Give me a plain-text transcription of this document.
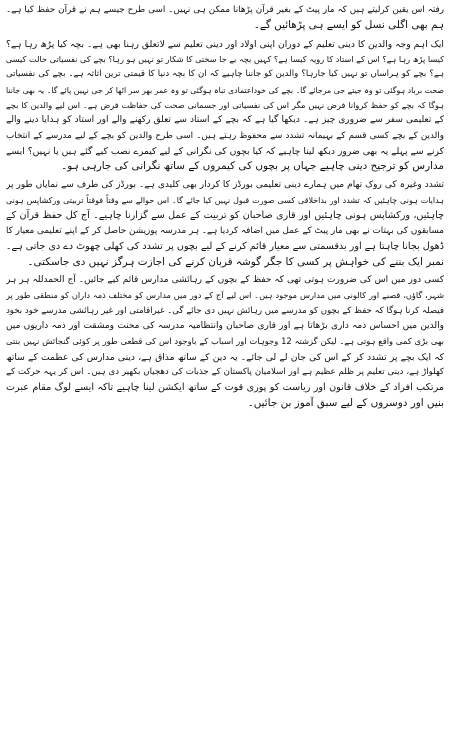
رفتہ اس یقین کرلیتے ہیں کہ مار پیٹ کے بغیر قرآن پڑھانا ممکن ہی نہیں۔ اسی طرح جیسے ہم نے قرآن حفظ کیا ہے۔
ہم بھی اگلی نسل کو ایسے ہی پڑھائیں گے۔
ایک اہم وجہ والدین کا دینی تعلیم کے دوران اپنی اولاد اور دینی تعلیم سے لاتعلق رہنا بھی ہے۔ بچہ کیا پڑھ رہا ہے؟
کیسا پڑھ رہا ہے؟ اس کے استاد کا رویہ کیسا ہے؟ کہیں بچہ بے جا سختی کا شکار تو نہیں ہو رہا؟ بچے کی نفسیاتی حالت کیسی
ہے؟ بچے کو ہراساں تو نہیں کیا جارہا؟ والدین کو جاننا چاہیے کہ ان کا بچہ دنیا کا قیمتی ترین اثاثہ ہے۔ بچے کی نفسیاتی
صحت برباد ہوگئی تو وہ جیتے جی مرجائے گا۔ بچے کی خوداعتمادی تباہ ہوگئی تو وہ عمر بھر سر اٹھا کر جی نہیں پائے گا۔ یہ بھی جاننا
ہوگا کہ بچے کو حفظ کروانا فرض نہیں مگر اس کی نفسیاتی اور جسمانی صحت کی حفاظت فرض ہے۔ اس لیے والدین کا بچے
کے تعلیمی سفر سے ضروری چیز ہے۔ دیکھا گیا ہے کہ بچے کے استاد سے تعلق رکھنے والے اور استاد کو ہدایا دینے والے
والدین کے بچے کسی قسم کے بہیمانہ تشدد سے محفوظ رہتے ہیں۔ اسی طرح والدین کو بچے کے لیے مدرسے کے انتخاب
کرنے سے پہلے یہ بھی ضرور دیکھ لینا چاہیے کہ کیا بچوں کی نگرانی کے لیے کیمرے نصب کیے گئے ہیں یا نہیں؟ ایسے
مدارس کو ترجیح دینی چاہیے جہاں پر بچوں کی کیمروں کے ساتھ نگرانی کی جارہی ہو۔
تشدد وغیرہ کی روک تھام میں ہمارے دینی تعلیمی بورڈز کا کردار بھی کلیدی ہے۔ بورڈز کی طرف سے نمایاں طور پر
ہدایات ہونی چاہئیں کہ تشدد اور بداخلاقی کسی صورت قبول نہیں کیا جائے گا۔ اس حوالے سے وقتاً فوقتاً تربیتی ورکشاپس ہونی
چاہئیں، ورکشاپس ہونی چاہئیں اور قاری صاحبان کو تربیت کے عمل سے گزارنا چاہیے۔ آج کل حفظ قرآن کے
مسابقوں کی بہتات نے بھی مار پیٹ کے عمل میں اضافہ کردیا ہے۔ ہر مدرسہ پوزیشن حاصل کر کے اپنے تعلیمی معیار کا
ڈھول بجانا چاہتا ہے اور بدقسمتی سے معیار قائم کرنے کے لیے بچوں پر تشدد کی کھلی چھوٹ دے دی جاتی ہے۔
نمبر ایک بننے کی خواہش پر کسی کا جگر گوشہ قربان کرنے کی اجازت ہرگز نہیں دی جاسکتی۔
کسی دور میں اس کی ضرورت ہوتی تھی کہ حفظ کے بچوں کے رہائشی مدارس قائم کیے جائیں۔ آج الحمدللہ ہر ہر
شہر، گاؤں، قصبے اور کالونی میں مدارس موجود ہیں۔ اس لیے آج کے دور میں مدارس کو مختلف ذمہ داران کو منطقی طور پر
فیصلہ کرنا ہوگا کہ حفظ کے بچوں کو مدرسے میں رہائش نہیں دی جائے گی۔ غیراقامتی اور غیر رہائشی مدرسے خود بخود
والدین میں احساس ذمہ داری بڑھاتا ہے اور قاری صاحبان وانتظامیہ مدرسہ کی محنت ومشقت اور ذمہ داریوں میں
بھی بڑی کمی واقع ہوتی ہے۔ لیکن گزشتہ 12 وجوہات اور اسباب کے باوجود اس کی قطعی طور پر کوئی گنجائش نہیں بنتی
کہ ایک بچے پر تشدد کر کے اس کی جان لے لی جائے۔ یہ دین کے ساتھ مذاق ہے، دینی مدارس کی عظمت کے ساتھ
کھلواڑ ہے، دینی تعلیم پر ظلم عظیم ہے اور اسلامیان پاکستان کے جذبات کی دھجیاں بکھیر دی ہیں۔ اس کر یہہ حرکت کے
مرتکب افراد کے خلاف قانون اور ریاست کو پوری قوت کے ساتھ ایکشن لینا چاہیے تاکہ ایسے لوگ مقام عبرت
بنیں اور دوسروں کے لیے سبق آموز بن جائیں۔
